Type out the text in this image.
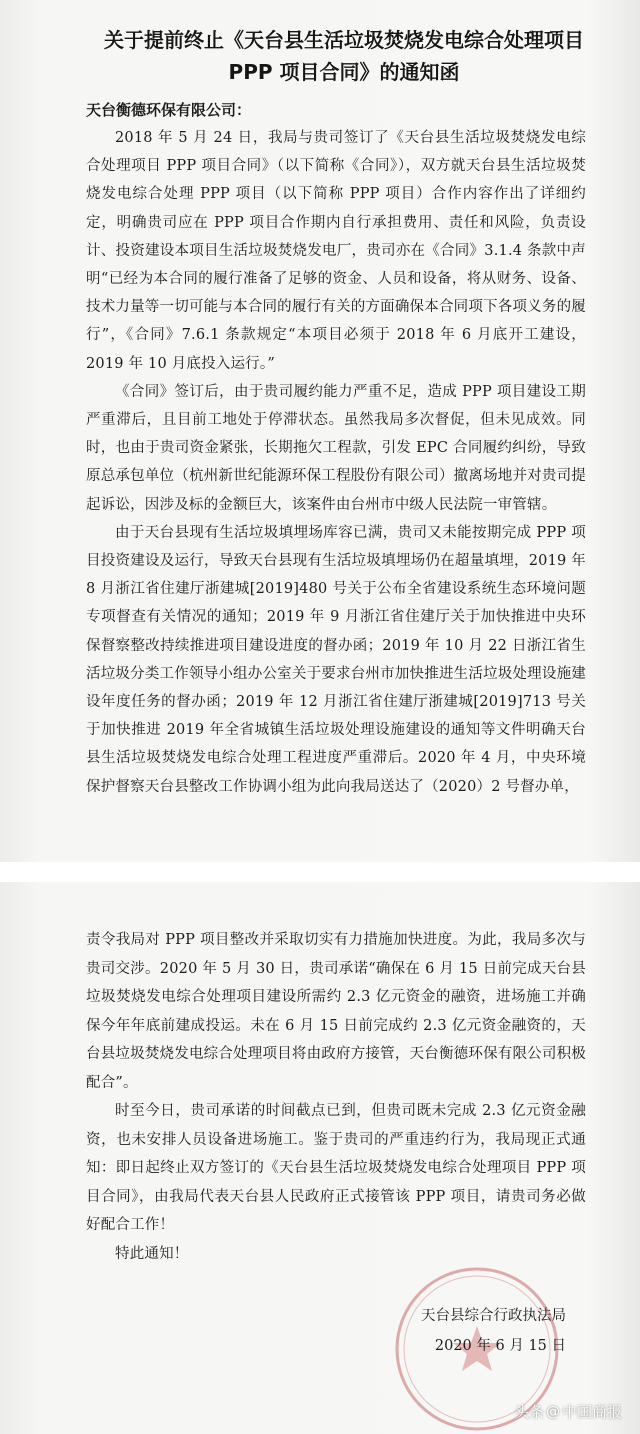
关于提前终止《天台县生活垃圾焚烧发电综合处理项目 PPP 项目合同》的通知函
天台衡德环保有限公司：

2018 年 5 月 24 日，我局与贵司签订了《天台县生活垃圾焚烧发电综合处理项目 PPP 项目合同》（以下简称《合同》），双方就天台县生活垃圾焚烧发电综合处理 PPP 项目（以下简称 PPP 项目）合作内容作出了详细约定，明确贵司应在 PPP 项目合作期内自行承担费用、责任和风险，负责设计、投资建设本项目生活垃圾焚烧发电厂，贵司亦在《合同》3.1.4 条款中声明“已经为本合同的履行准备了足够的资金、人员和设备，将从财务、设备、技术力量等一切可能与本合同的履行有关的方面确保本合同项下各项义务的履行”，《合同》7.6.1 条款规定“本项目必须于 2018 年 6 月底开工建设，2019 年 10 月底投入运行。”

《合同》签订后，由于贵司履约能力严重不足，造成 PPP 项目建设工期严重滞后，且目前工地处于停滞状态。虽然我局多次督促，但未见成效。同时，也由于贵司资金紧张，长期拖欠工程款，引发 EPC 合同履约纠纷，导致原总承包单位（杭州新世纪能源环保工程股份有限公司）撤离场地并对贵司提起诉讼，因涉及标的金额巨大，该案件由台州市中级人民法院一审管辖。

由于天台县现有生活垃圾填埋场库容已满，贵司又未能按期完成 PPP 项目投资建设及运行，导致天台县现有生活垃圾填埋场仍在超量填埋，2019 年 8 月浙江省住建厅浙建城[2019]480 号关于公布全省建设系统生态环境问题专项督查有关情况的通知；2019 年 9 月浙江省住建厅关于加快推进中央环保督察整改持续推进项目建设进度的督办函；2019 年 10 月 22 日浙江省生活垃圾分类工作领导小组办公室关于要求台州市加快推进生活垃圾处理设施建设年度任务的督办函；2019 年 12 月浙江省住建厅浙建城[2019]713 号关于加快推进 2019 年全省城镇生活垃圾处理设施建设的通知等文件明确天台县生活垃圾焚烧发电综合处理工程进度严重滞后。2020 年 4 月，中央环境保护督察天台县整改工作协调小组为此向我局送达了（2020）2 号督办单，

责令我局对 PPP 项目整改并采取切实有力措施加快进度。为此，我局多次与贵司交涉。2020 年 5 月 30 日，贵司承诺“确保在 6 月 15 日前完成天台县垃圾焚烧发电综合处理项目建设所需约 2.3 亿元资金的融资，进场施工并确保今年年底前建成投运。未在 6 月 15 日前完成约 2.3 亿元资金融资的，天台县垃圾焚烧发电综合处理项目将由政府方接管，天台衡德环保有限公司积极配合”。

时至今日，贵司承诺的时间截点已到，但贵司既未完成 2.3 亿元资金融资，也未安排人员设备进场施工。鉴于贵司的严重违约行为，我局现正式通知：即日起终止双方签订的《天台县生活垃圾焚烧发电综合处理项目 PPP 项目合同》，由我局代表天台县人民政府正式接管该 PPP 项目，请贵司务必做好配合工作！

特此通知！

天台县综合行政执法局
2020 年 6 月 15 日
头条 @ 中国商报
